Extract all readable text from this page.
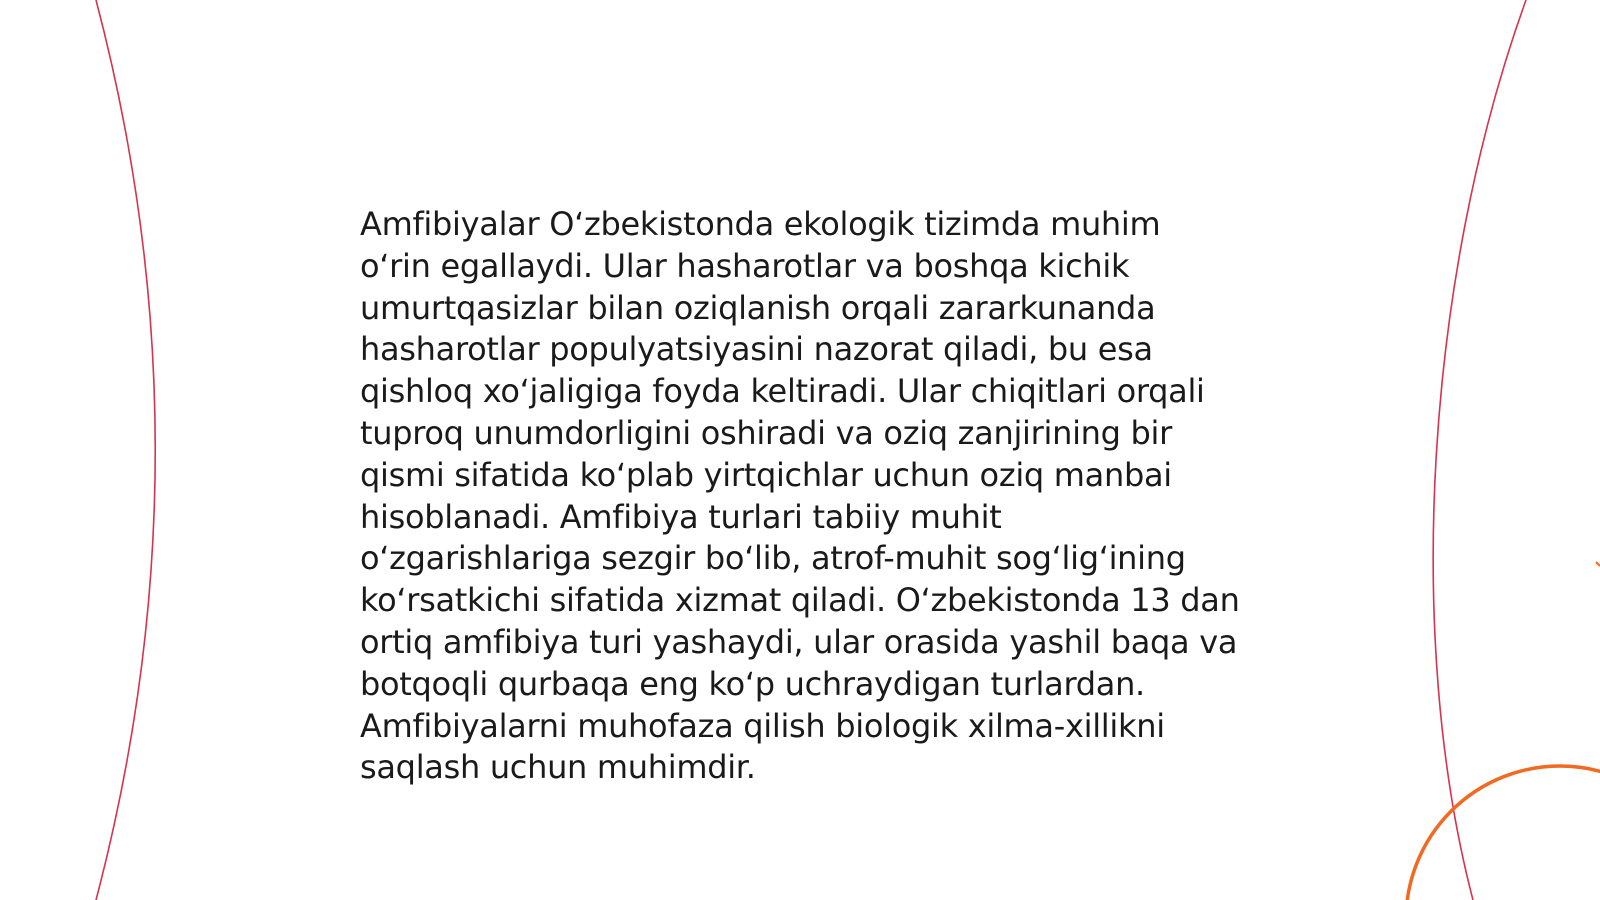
Amfibiyalar Oʻzbekistonda ekologik tizimda muhim oʻrin egallaydi. Ular hasharotlar va boshqa kichik umurtqasizlar bilan oziqlanish orqali zararkunanda hasharotlar populyatsiyasini nazorat qiladi, bu esa qishloq xoʻjaligiga foyda keltiradi. Ular chiqitlari orqali tuproq unumdorligini oshiradi va oziq zanjirining bir qismi sifatida koʻplab yirtqichlar uchun oziq manbai hisoblanadi. Amfibiya turlari tabiiy muhit oʻzgarishlariga sezgir boʻlib, atrof-muhit sogʻligʻining koʻrsatkichi sifatida xizmat qiladi. Oʻzbekistonda 13 dan ortiq amfibiya turi yashaydi, ular orasida yashil baqa va botqoqli qurbaqa eng koʻp uchraydigan turlardan. Amfibiyalarni muhofaza qilish biologik xilma-xillikni saqlash uchun muhimdir.
